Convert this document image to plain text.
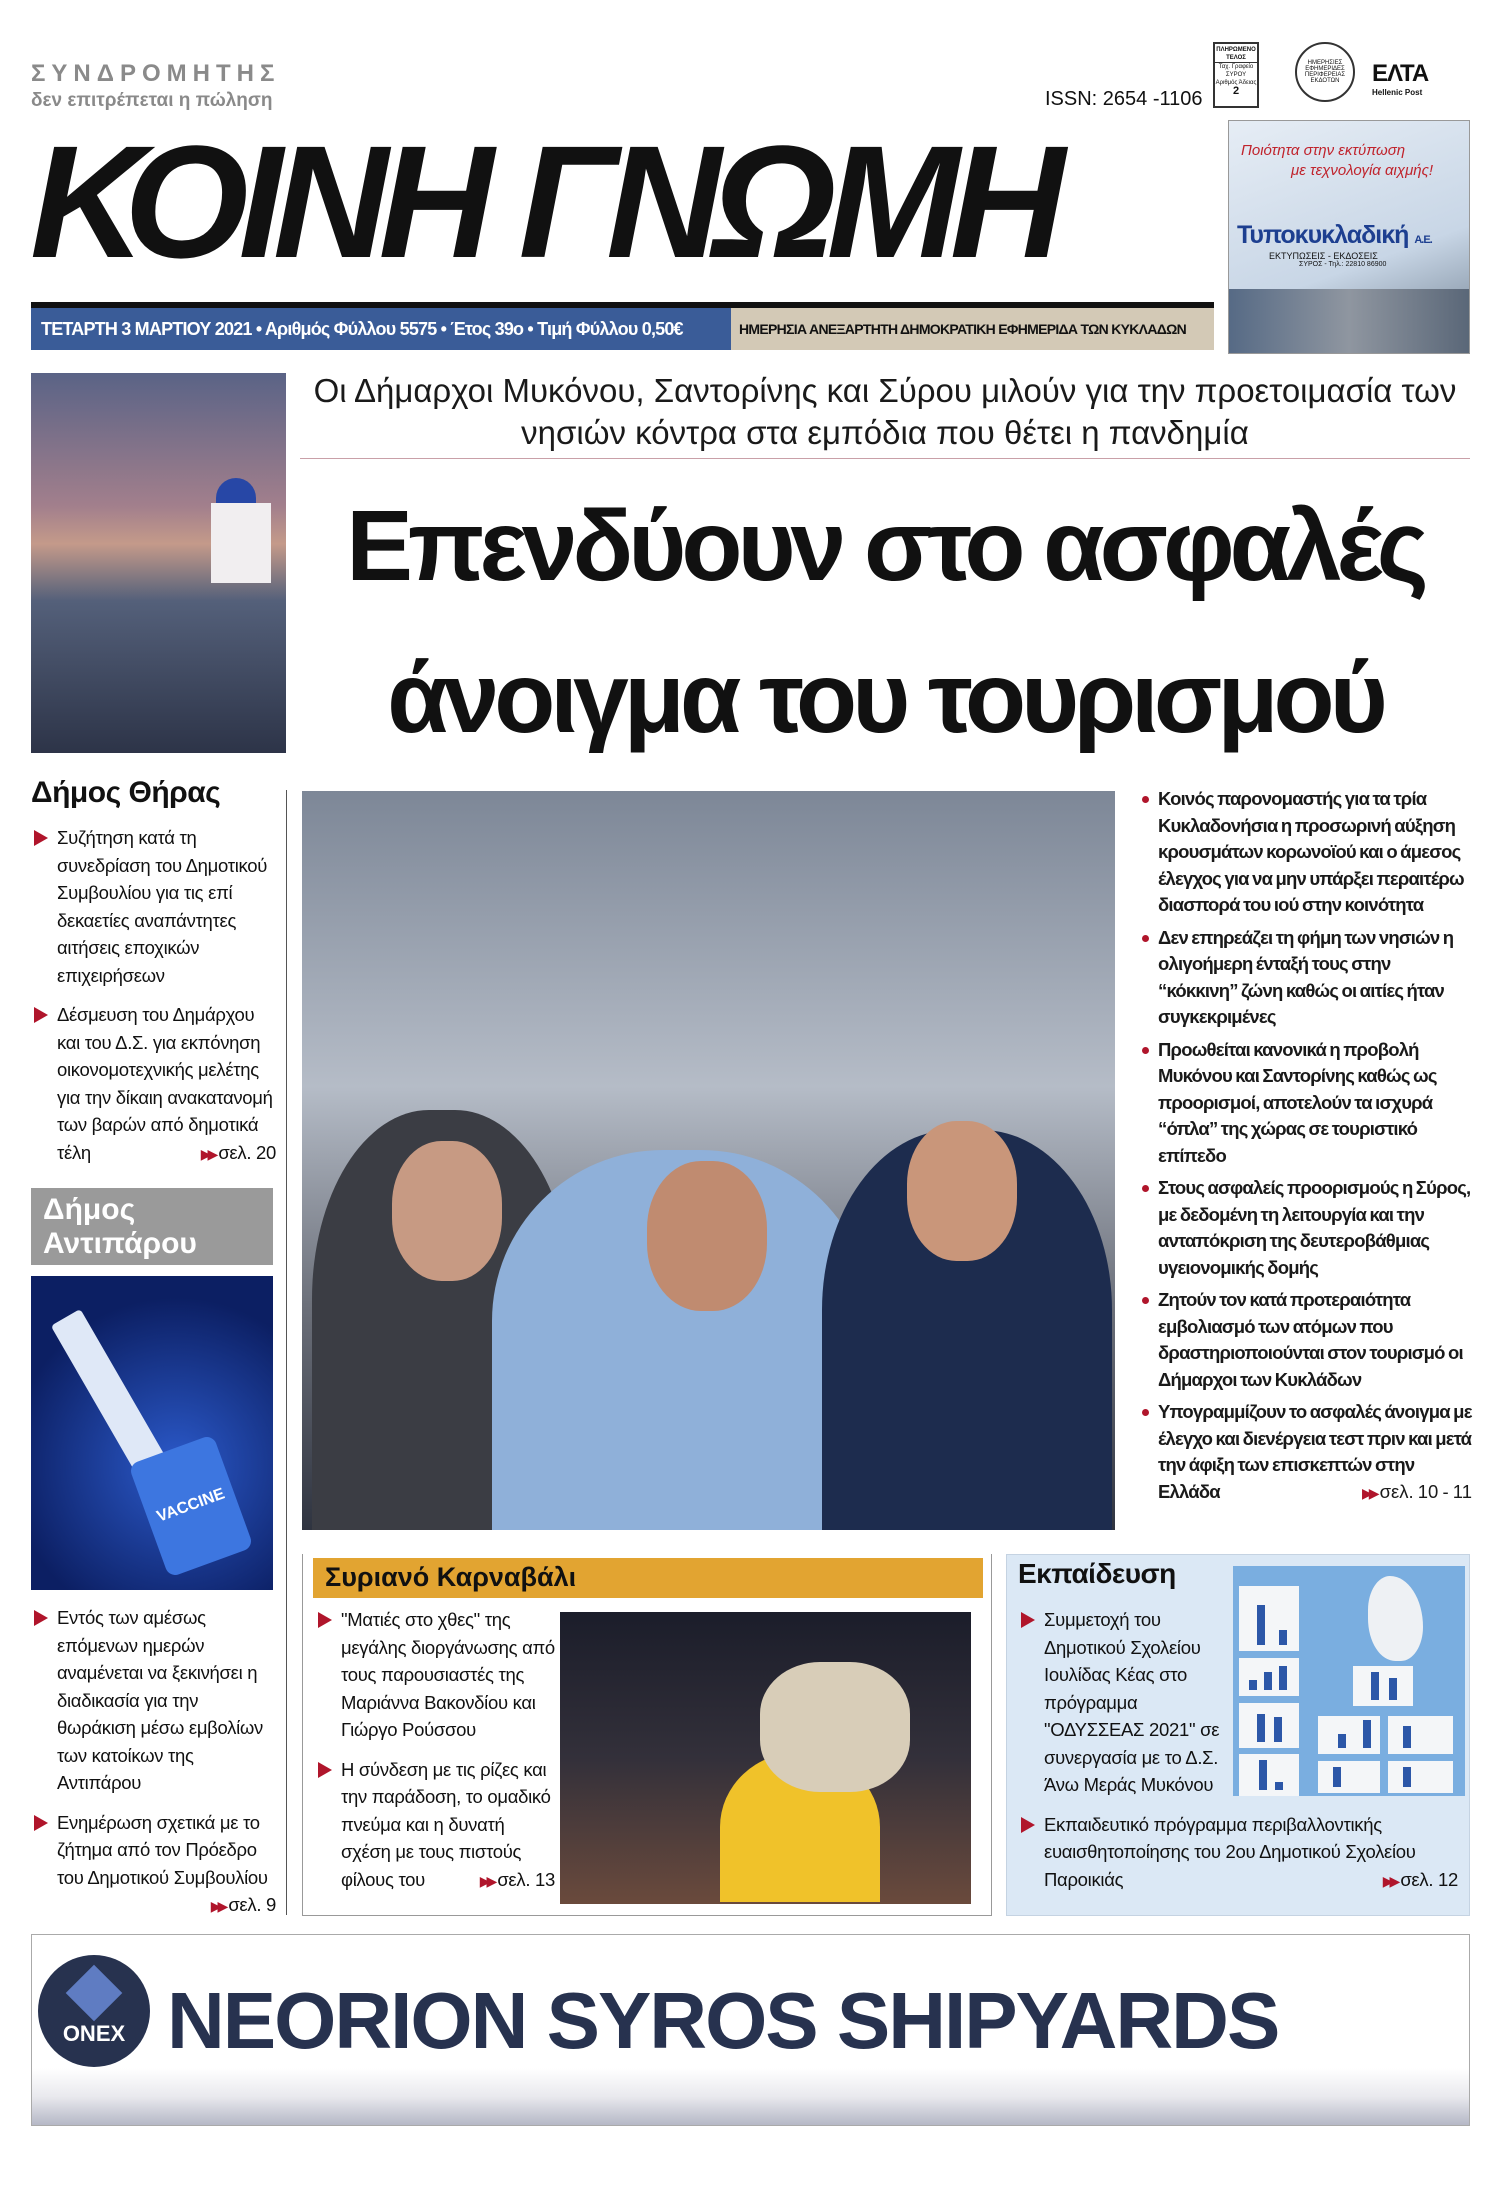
ΣΥΝΔΡΟΜΗΤΗΣ
δεν επιτρέπεται η πώληση	ISSN: 2654 -1106
ΠΛΗΡΩΜΕΝΟ ΤΕΛΟΣ
Ταχ. Γραφείο ΣΥΡΟΥ
Αριθμός Άδειας
2
ΗΜΕΡΗΣΙΕΣ ΕΦΗΜΕΡΙΔΕΣ ΠΕΡΙΦΕΡΕΙΑΣ ΕΚΔΟΤΩΝ	ΕΛΤΑ
Hellenic Post
ΚΟΙΝΗ ΓΝΩΜΗ
ΤΕΤΑΡΤΗ 3 ΜΑΡΤΙΟΥ 2021 • Αριθμός Φύλλου 5575 • Έτος 39ο • Τιμή Φύλλου 0,50€	ΗΜΕΡΗΣΙΑ ΑΝΕΞΑΡΤΗΤΗ ΔΗΜΟΚΡΑΤΙΚΗ ΕΦΗΜΕΡΙΔΑ ΤΩΝ ΚΥΚΛΑΔΩΝ
Ποιότητα στην εκτύπωση
με τεχνολογία αιχμής!
Τυποκυκλαδική Α.Ε.
ΕΚΤΥΠΩΣΕΙΣ - ΕΚΔΟΣΕΙΣ
ΣΥΡΟΣ - Τηλ.: 22810 86900
Οι Δήμαρχοι Μυκόνου, Σαντορίνης και Σύρου μιλούν για την προετοιμασία των νησιών κόντρα στα εμπόδια που θέτει η πανδημία
Επενδύουν στο ασφαλές
άνοιγμα του τουρισμού
Κοινός παρονομαστής για τα τρία Κυκλαδονήσια η προσωρινή αύξηση κρουσμάτων κορωνοϊού και ο άμεσος έλεγχος για να μην υπάρξει περαιτέρω διασπορά του ιού στην κοινότητα
Δεν επηρεάζει τη φήμη των νησιών η ολιγοήμερη ένταξή τους στην “κόκκινη” ζώνη καθώς οι αιτίες ήταν συγκεκριμένες
Προωθείται κανονικά η προβολή Μυκόνου και Σαντορίνης καθώς ως προορισμοί, αποτελούν τα ισχυρά “όπλα” της χώρας σε τουριστικό επίπεδο
Στους ασφαλείς προορισμούς η Σύρος, με δεδομένη τη λειτουργία και την ανταπόκριση της δευτεροβάθμιας υγειονομικής δομής
Ζητούν τον κατά προτεραιότητα εμβολιασμό των ατόμων που δραστηριοποιούνται στον τουρισμό οι Δήμαρχοι των Κυκλάδων
Υπογραμμίζουν το ασφαλές άνοιγμα με έλεγχο και διενέργεια τεστ πριν και μετά την άφιξη των επισκεπτών στην Ελλάδα	▶▶ σελ. 10 - 11
Δήμος Θήρας
Συζήτηση κατά τη συνεδρίαση του Δημοτικού Συμβουλίου για τις επί δεκαετίες αναπάντητες αιτήσεις εποχικών επιχειρήσεων
Δέσμευση του Δημάρχου και του Δ.Σ. για εκπόνηση οικονομοτεχνικής μελέτης για την δίκαιη ανακατανομή των βαρών από δημοτικά τέλη	▶▶ σελ. 20
Δήμος
Αντιπάρου
VACCINE
Εντός των αμέσως επόμενων ημερών αναμένεται να ξεκινήσει η διαδικασία για την θωράκιση μέσω εμβολίων των κατοίκων της Αντιπάρου
Ενημέρωση σχετικά με το ζήτημα από τον Πρόεδρο του Δημοτικού Συμβουλίου
▶▶ σελ. 9
Συριανό Καρναβάλι
"Ματιές στο χθες" της μεγάλης διοργάνωσης από τους παρουσιαστές της Μαριάννα Βακονδίου και Γιώργο Ρούσσου
Η σύνδεση με τις ρίζες και την παράδοση, το ομαδικό πνεύμα και η δυνατή σχέση με τους πιστούς φίλους του	▶▶ σελ. 13
Εκπαίδευση
Συμμετοχή του Δημοτικού Σχολείου Ιουλίδας Κέας στο πρόγραμμα "ΟΔΥΣΣΕΑΣ 2021" σε συνεργασία με το Δ.Σ. Άνω Μεράς Μυκόνου
Εκπαιδευτικό πρόγραμμα περιβαλλοντικής ευαισθητοποίησης του 2ου Δημοτικού Σχολείου Παροικιάς	▶▶ σελ. 12
ONEX NEORION SYROS SHIPYARDS
